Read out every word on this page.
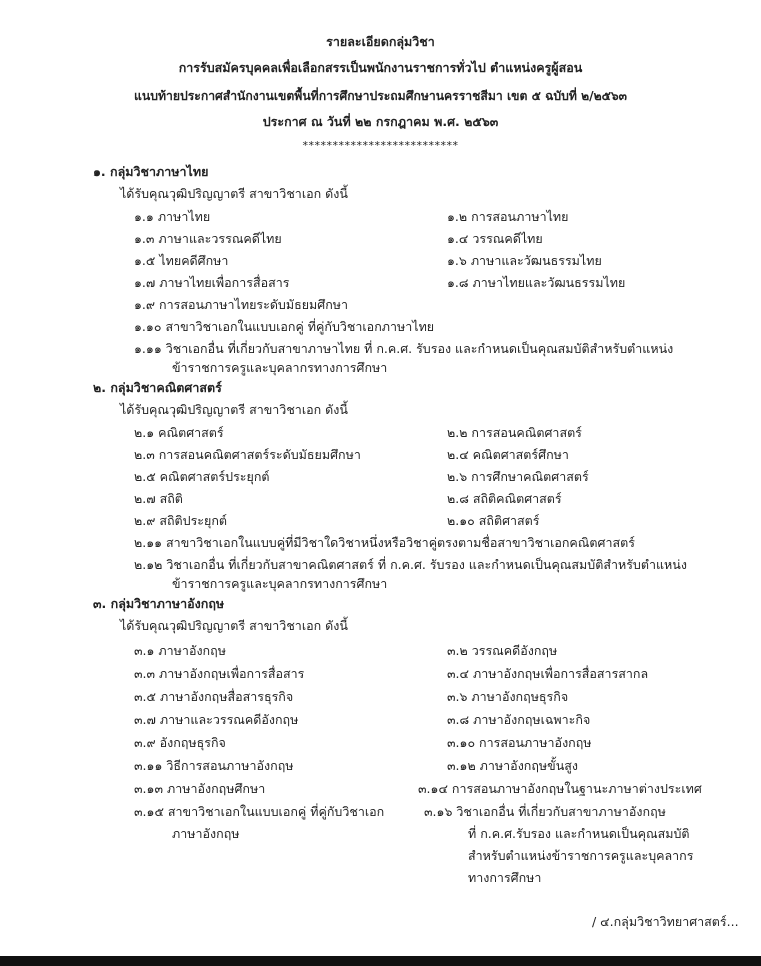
รายละเอียดกลุ่มวิชา
การรับสมัครบุคคลเพื่อเลือกสรรเป็นพนักงานราชการทั่วไป ตำแหน่งครูผู้สอน
แนบท้ายประกาศสำนักงานเขตพื้นที่การศึกษาประถมศึกษานครราชสีมา เขต ๕ ฉบับที่ ๒/๒๕๖๓
ประกาศ ณ วันที่ ๒๒ กรกฎาคม พ.ศ. ๒๕๖๓
**************************
๑. กลุ่มวิชาภาษาไทย
ได้รับคุณวุฒิปริญญาตรี สาขาวิชาเอก ดังนี้
๑.๑ ภาษาไทย	๑.๒ การสอนภาษาไทย
๑.๓ ภาษาและวรรณคดีไทย	๑.๔ วรรณคดีไทย
๑.๕ ไทยคดีศึกษา	๑.๖ ภาษาและวัฒนธรรมไทย
๑.๗ ภาษาไทยเพื่อการสื่อสาร	๑.๘ ภาษาไทยและวัฒนธรรมไทย
๑.๙ การสอนภาษาไทยระดับมัธยมศึกษา
๑.๑๐ สาขาวิชาเอกในแบบเอกคู่ ที่คู่กับวิชาเอกภาษาไทย
๑.๑๑ วิชาเอกอื่น ที่เกี่ยวกับสาขาภาษาไทย ที่ ก.ค.ศ. รับรอง และกำหนดเป็นคุณสมบัติสำหรับตำแหน่ง
ข้าราชการครูและบุคลากรทางการศึกษา
๒. กลุ่มวิชาคณิตศาสตร์
ได้รับคุณวุฒิปริญญาตรี สาขาวิชาเอก ดังนี้
๒.๑ คณิตศาสตร์	๒.๒ การสอนคณิตศาสตร์
๒.๓ การสอนคณิตศาสตร์ระดับมัธยมศึกษา	๒.๔ คณิตศาสตร์ศึกษา
๒.๕ คณิตศาสตร์ประยุกต์	๒.๖ การศึกษาคณิตศาสตร์
๒.๗ สถิติ	๒.๘ สถิติคณิตศาสตร์
๒.๙ สถิติประยุกต์	๒.๑๐ สถิติศาสตร์
๒.๑๑ สาขาวิชาเอกในแบบคู่ที่มีวิชาใดวิชาหนึ่งหรือวิชาคู่ตรงตามชื่อสาขาวิชาเอกคณิตศาสตร์
๒.๑๒ วิชาเอกอื่น ที่เกี่ยวกับสาขาคณิตศาสตร์ ที่ ก.ค.ศ. รับรอง และกำหนดเป็นคุณสมบัติสำหรับตำแหน่ง
ข้าราชการครูและบุคลากรทางการศึกษา
๓. กลุ่มวิชาภาษาอังกฤษ
ได้รับคุณวุฒิปริญญาตรี สาขาวิชาเอก ดังนี้
๓.๑ ภาษาอังกฤษ	๓.๒ วรรณคดีอังกฤษ
๓.๓ ภาษาอังกฤษเพื่อการสื่อสาร	๓.๔ ภาษาอังกฤษเพื่อการสื่อสารสากล
๓.๕ ภาษาอังกฤษสื่อสารธุรกิจ	๓.๖ ภาษาอังกฤษธุรกิจ
๓.๗ ภาษาและวรรณคดีอังกฤษ	๓.๘ ภาษาอังกฤษเฉพาะกิจ
๓.๙ อังกฤษธุรกิจ	๓.๑๐ การสอนภาษาอังกฤษ
๓.๑๑ วิธีการสอนภาษาอังกฤษ	๓.๑๒ ภาษาอังกฤษขั้นสูง
๓.๑๓ ภาษาอังกฤษศึกษา	๓.๑๔ การสอนภาษาอังกฤษในฐานะภาษาต่างประเทศ
๓.๑๕ สาขาวิชาเอกในแบบเอกคู่ ที่คู่กับวิชาเอก
ภาษาอังกฤษ
๓.๑๖ วิชาเอกอื่น ที่เกี่ยวกับสาขาภาษาอังกฤษ
ที่ ก.ค.ศ.รับรอง และกำหนดเป็นคุณสมบัติ
สำหรับตำแหน่งข้าราชการครูและบุคลากร
ทางการศึกษา
/ ๔.กลุ่มวิชาวิทยาศาสตร์...
